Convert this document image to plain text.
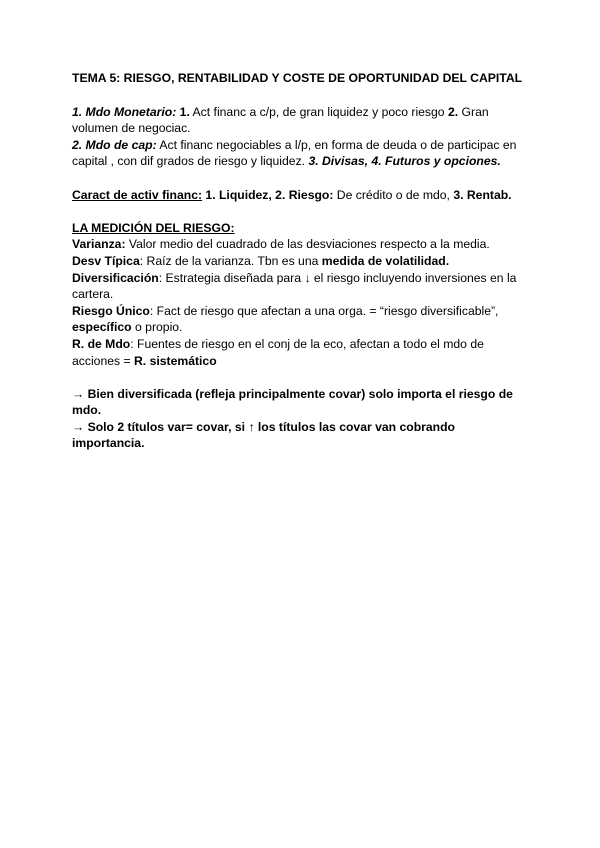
TEMA 5: RIESGO, RENTABILIDAD Y COSTE DE OPORTUNIDAD DEL CAPITAL

1. Mdo Monetario: 1. Act financ a c/p, de gran liquidez y poco riesgo 2. Gran volumen de negociac.

2. Mdo de cap: Act financ negociables a l/p, en forma de deuda o de participac en capital , con dif grados de riesgo y liquidez. 3. Divisas, 4. Futuros y opciones.

Caract de activ financ: 1. Liquidez, 2. Riesgo: De crédito o de mdo, 3. Rentab.

LA MEDICIÓN DEL RIESGO:

Varianza: Valor medio del cuadrado de las desviaciones respecto a la media.

Desv Típica: Raíz de la varianza. Tbn es una medida de volatilidad.

Diversificación: Estrategia diseñada para ↓ el riesgo incluyendo inversiones en la cartera.

Riesgo Único: Fact de riesgo que afectan a una orga. = “riesgo diversificable”, específico o propio.

R. de Mdo: Fuentes de riesgo en el conj de la eco, afectan a todo el mdo de acciones = R. sistemático

→ Bien diversificada (refleja principalmente covar) solo importa el riesgo de mdo.

→ Solo 2 títulos var= covar, si ↑ los títulos las covar van cobrando importancia.
